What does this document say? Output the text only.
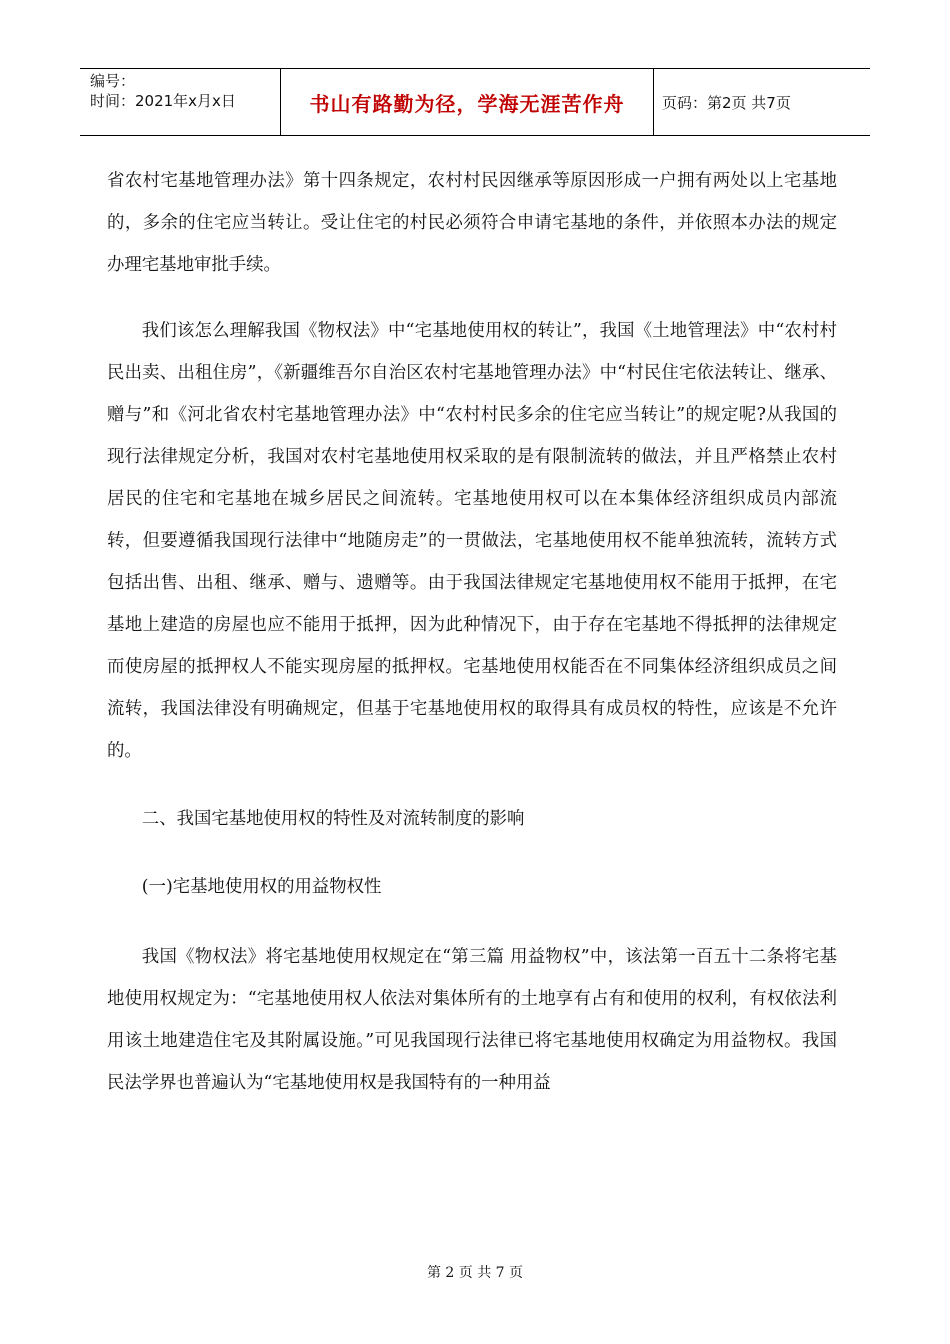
编号：
时间：2021年x月x日	书山有路勤为径，学海无涯苦作舟	页码：第2页 共7页

省农村宅基地管理办法》第十四条规定，农村村民因继承等原因形成一户拥有两处以上宅基地的，多余的住宅应当转让。受让住宅的村民必须符合申请宅基地的条件，并依照本办法的规定办理宅基地审批手续。

我们该怎么理解我国《物权法》中“宅基地使用权的转让”，我国《土地管理法》中“农村村民出卖、出租住房”，《新疆维吾尔自治区农村宅基地管理办法》中“村民住宅依法转让、继承、赠与”和《河北省农村宅基地管理办法》中“农村村民多余的住宅应当转让”的规定呢?从我国的现行法律规定分析，我国对农村宅基地使用权采取的是有限制流转的做法，并且严格禁止农村居民的住宅和宅基地在城乡居民之间流转。宅基地使用权可以在本集体经济组织成员内部流转，但要遵循我国现行法律中“地随房走”的一贯做法，宅基地使用权不能单独流转，流转方式包括出售、出租、继承、赠与、遗赠等。由于我国法律规定宅基地使用权不能用于抵押，在宅基地上建造的房屋也应不能用于抵押，因为此种情况下，由于存在宅基地不得抵押的法律规定而使房屋的抵押权人不能实现房屋的抵押权。宅基地使用权能否在不同集体经济组织成员之间流转，我国法律没有明确规定，但基于宅基地使用权的取得具有成员权的特性，应该是不允许的。

二、我国宅基地使用权的特性及对流转制度的影响

(一)宅基地使用权的用益物权性

我国《物权法》将宅基地使用权规定在“第三篇 用益物权”中，该法第一百五十二条将宅基地使用权规定为：“宅基地使用权人依法对集体所有的土地享有占有和使用的权利，有权依法利用该土地建造住宅及其附属设施。”可见我国现行法律已将宅基地使用权确定为用益物权。我国民法学界也普遍认为“宅基地使用权是我国特有的一种用益

第 2 页 共 7 页
